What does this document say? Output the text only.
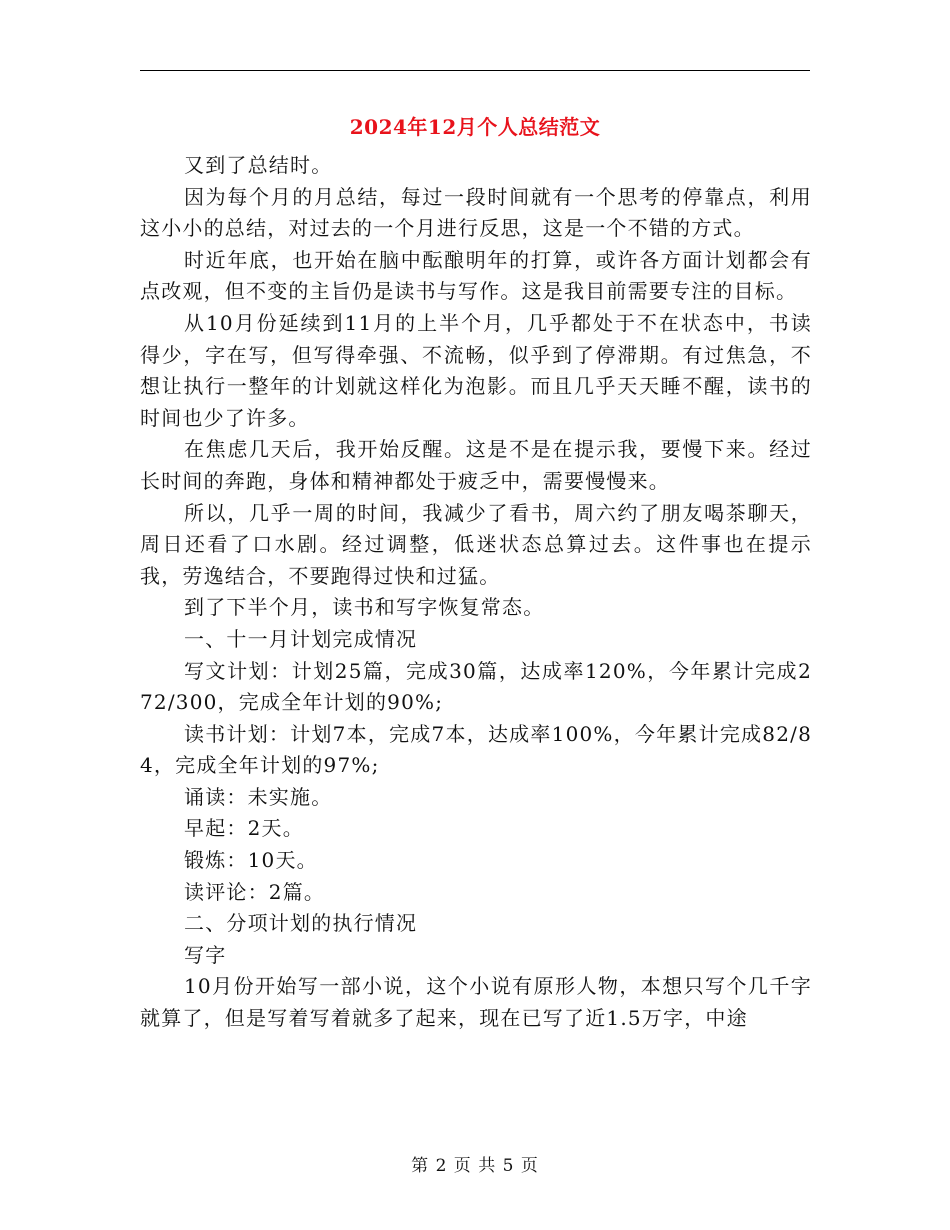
2024年12月个人总结范文

又到了总结时。

因为每个月的月总结，每过一段时间就有一个思考的停靠点，利用这小小的总结，对过去的一个月进行反思，这是一个不错的方式。

时近年底，也开始在脑中酝酿明年的打算，或许各方面计划都会有点改观，但不变的主旨仍是读书与写作。这是我目前需要专注的目标。

从10月份延续到11月的上半个月，几乎都处于不在状态中，书读得少，字在写，但写得牵强、不流畅，似乎到了停滞期。有过焦急，不想让执行一整年的计划就这样化为泡影。而且几乎天天睡不醒，读书的时间也少了许多。

在焦虑几天后，我开始反醒。这是不是在提示我，要慢下来。经过长时间的奔跑，身体和精神都处于疲乏中，需要慢慢来。

所以，几乎一周的时间，我减少了看书，周六约了朋友喝茶聊天，周日还看了口水剧。经过调整，低迷状态总算过去。这件事也在提示我，劳逸结合，不要跑得过快和过猛。

到了下半个月，读书和写字恢复常态。

一、十一月计划完成情况

写文计划：计划25篇，完成30篇，达成率120%，今年累计完成272/300，完成全年计划的90%;

读书计划：计划7本，完成7本，达成率100%，今年累计完成82/84，完成全年计划的97%;

诵读：未实施。

早起：2天。

锻炼：10天。

读评论：2篇。

二、分项计划的执行情况

写字

10月份开始写一部小说，这个小说有原形人物，本想只写个几千字就算了，但是写着写着就多了起来，现在已写了近1.5万字，中途

第 2 页 共 5 页
